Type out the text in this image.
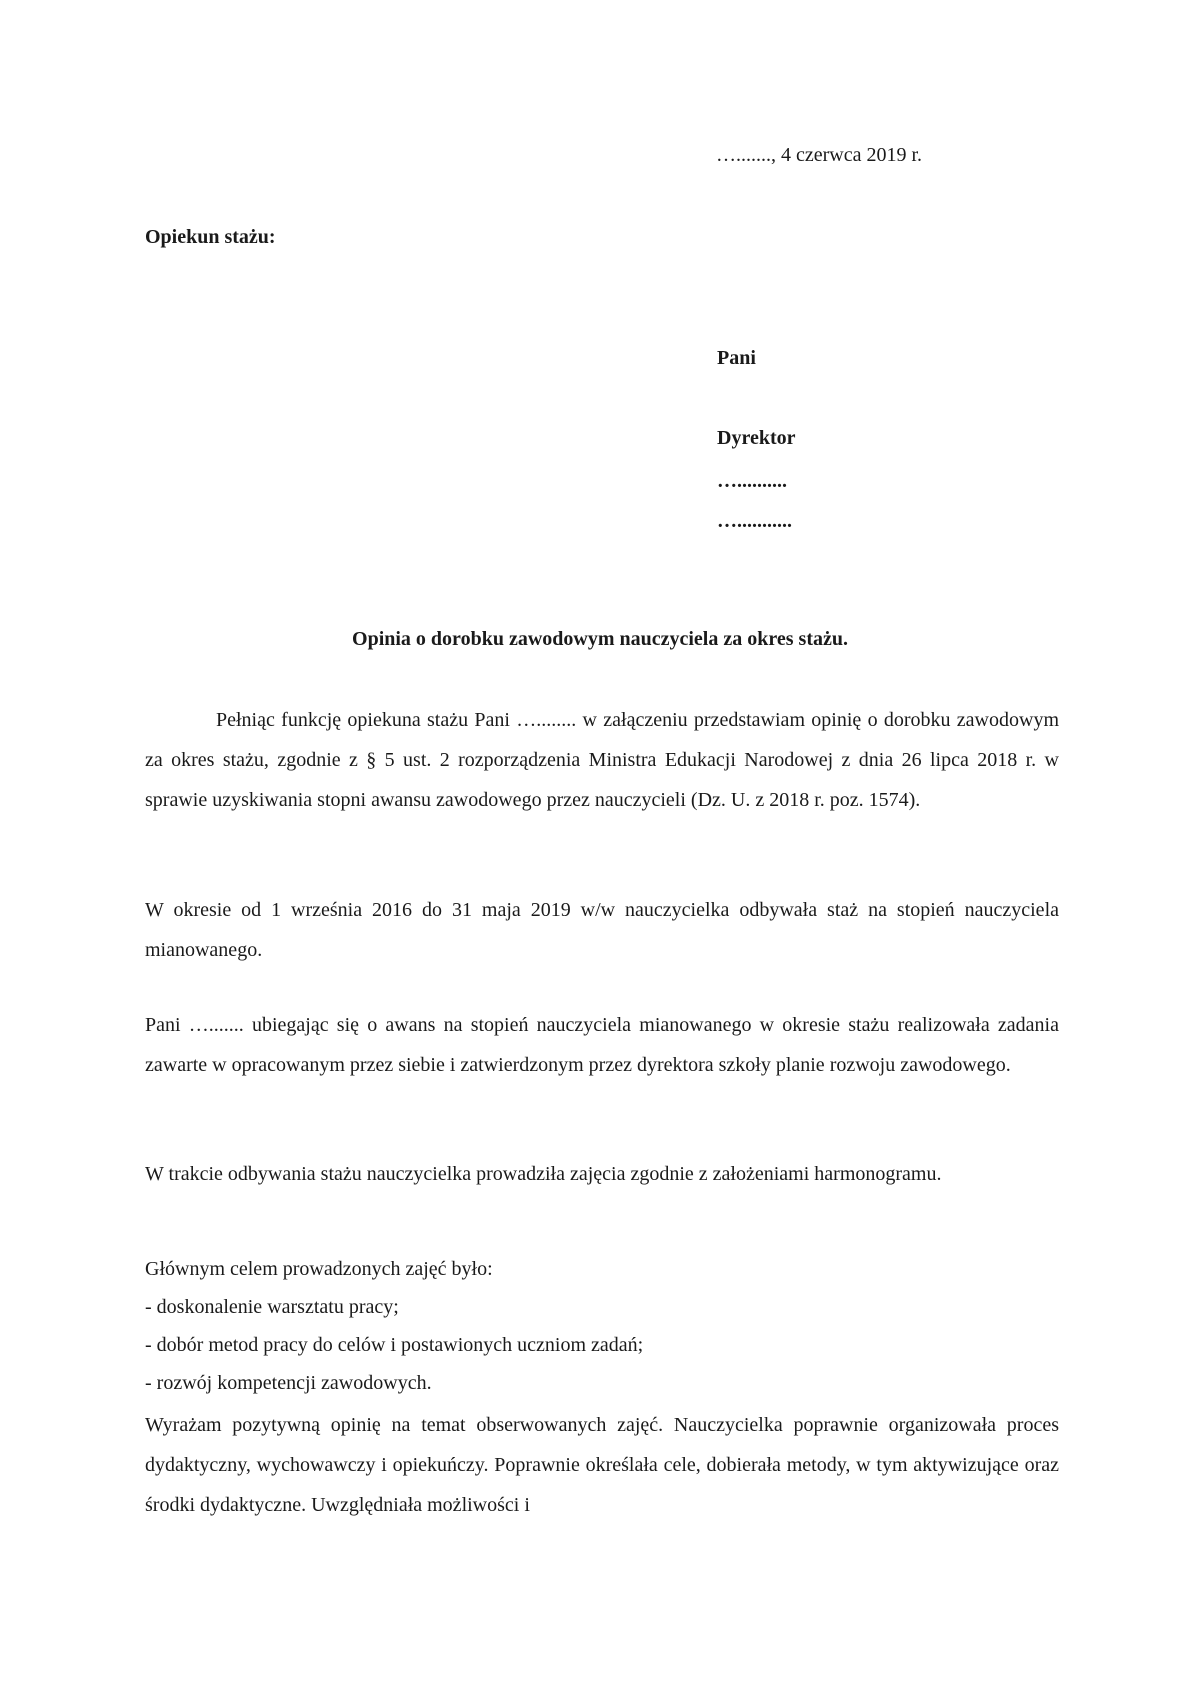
…......., 4 czerwca 2019 r.
Opiekun stażu:
Pani
Dyrektor
…..........
…...........
Opinia o dorobku zawodowym nauczyciela za okres stażu.

Pełniąc funkcję opiekuna stażu Pani …........ w załączeniu przedstawiam opinię o dorobku zawodowym za okres stażu, zgodnie z § 5 ust. 2 rozporządzenia Ministra Edukacji Narodowej z dnia 26 lipca 2018 r. w sprawie uzyskiwania stopni awansu zawodowego przez nauczycieli (Dz. U. z 2018 r. poz. 1574).

W okresie od 1 września 2016 do 31 maja 2019 w/w nauczycielka odbywała staż na stopień nauczyciela mianowanego.

Pani …....... ubiegając się o awans na stopień nauczyciela mianowanego w okresie stażu realizowała zadania zawarte w opracowanym przez siebie i zatwierdzonym przez dyrektora szkoły planie rozwoju zawodowego.

W trakcie odbywania stażu nauczycielka prowadziła zajęcia zgodnie z założeniami harmonogramu.

Głównym celem prowadzonych zajęć było:
- doskonalenie warsztatu pracy;
- dobór metod pracy do celów i postawionych uczniom zadań;
- rozwój kompetencji zawodowych.

Wyrażam pozytywną opinię na temat obserwowanych zajęć. Nauczycielka poprawnie organizowała proces dydaktyczny, wychowawczy i opiekuńczy. Poprawnie określała cele, dobierała metody, w tym aktywizujące oraz środki dydaktyczne. Uwzględniała możliwości i
